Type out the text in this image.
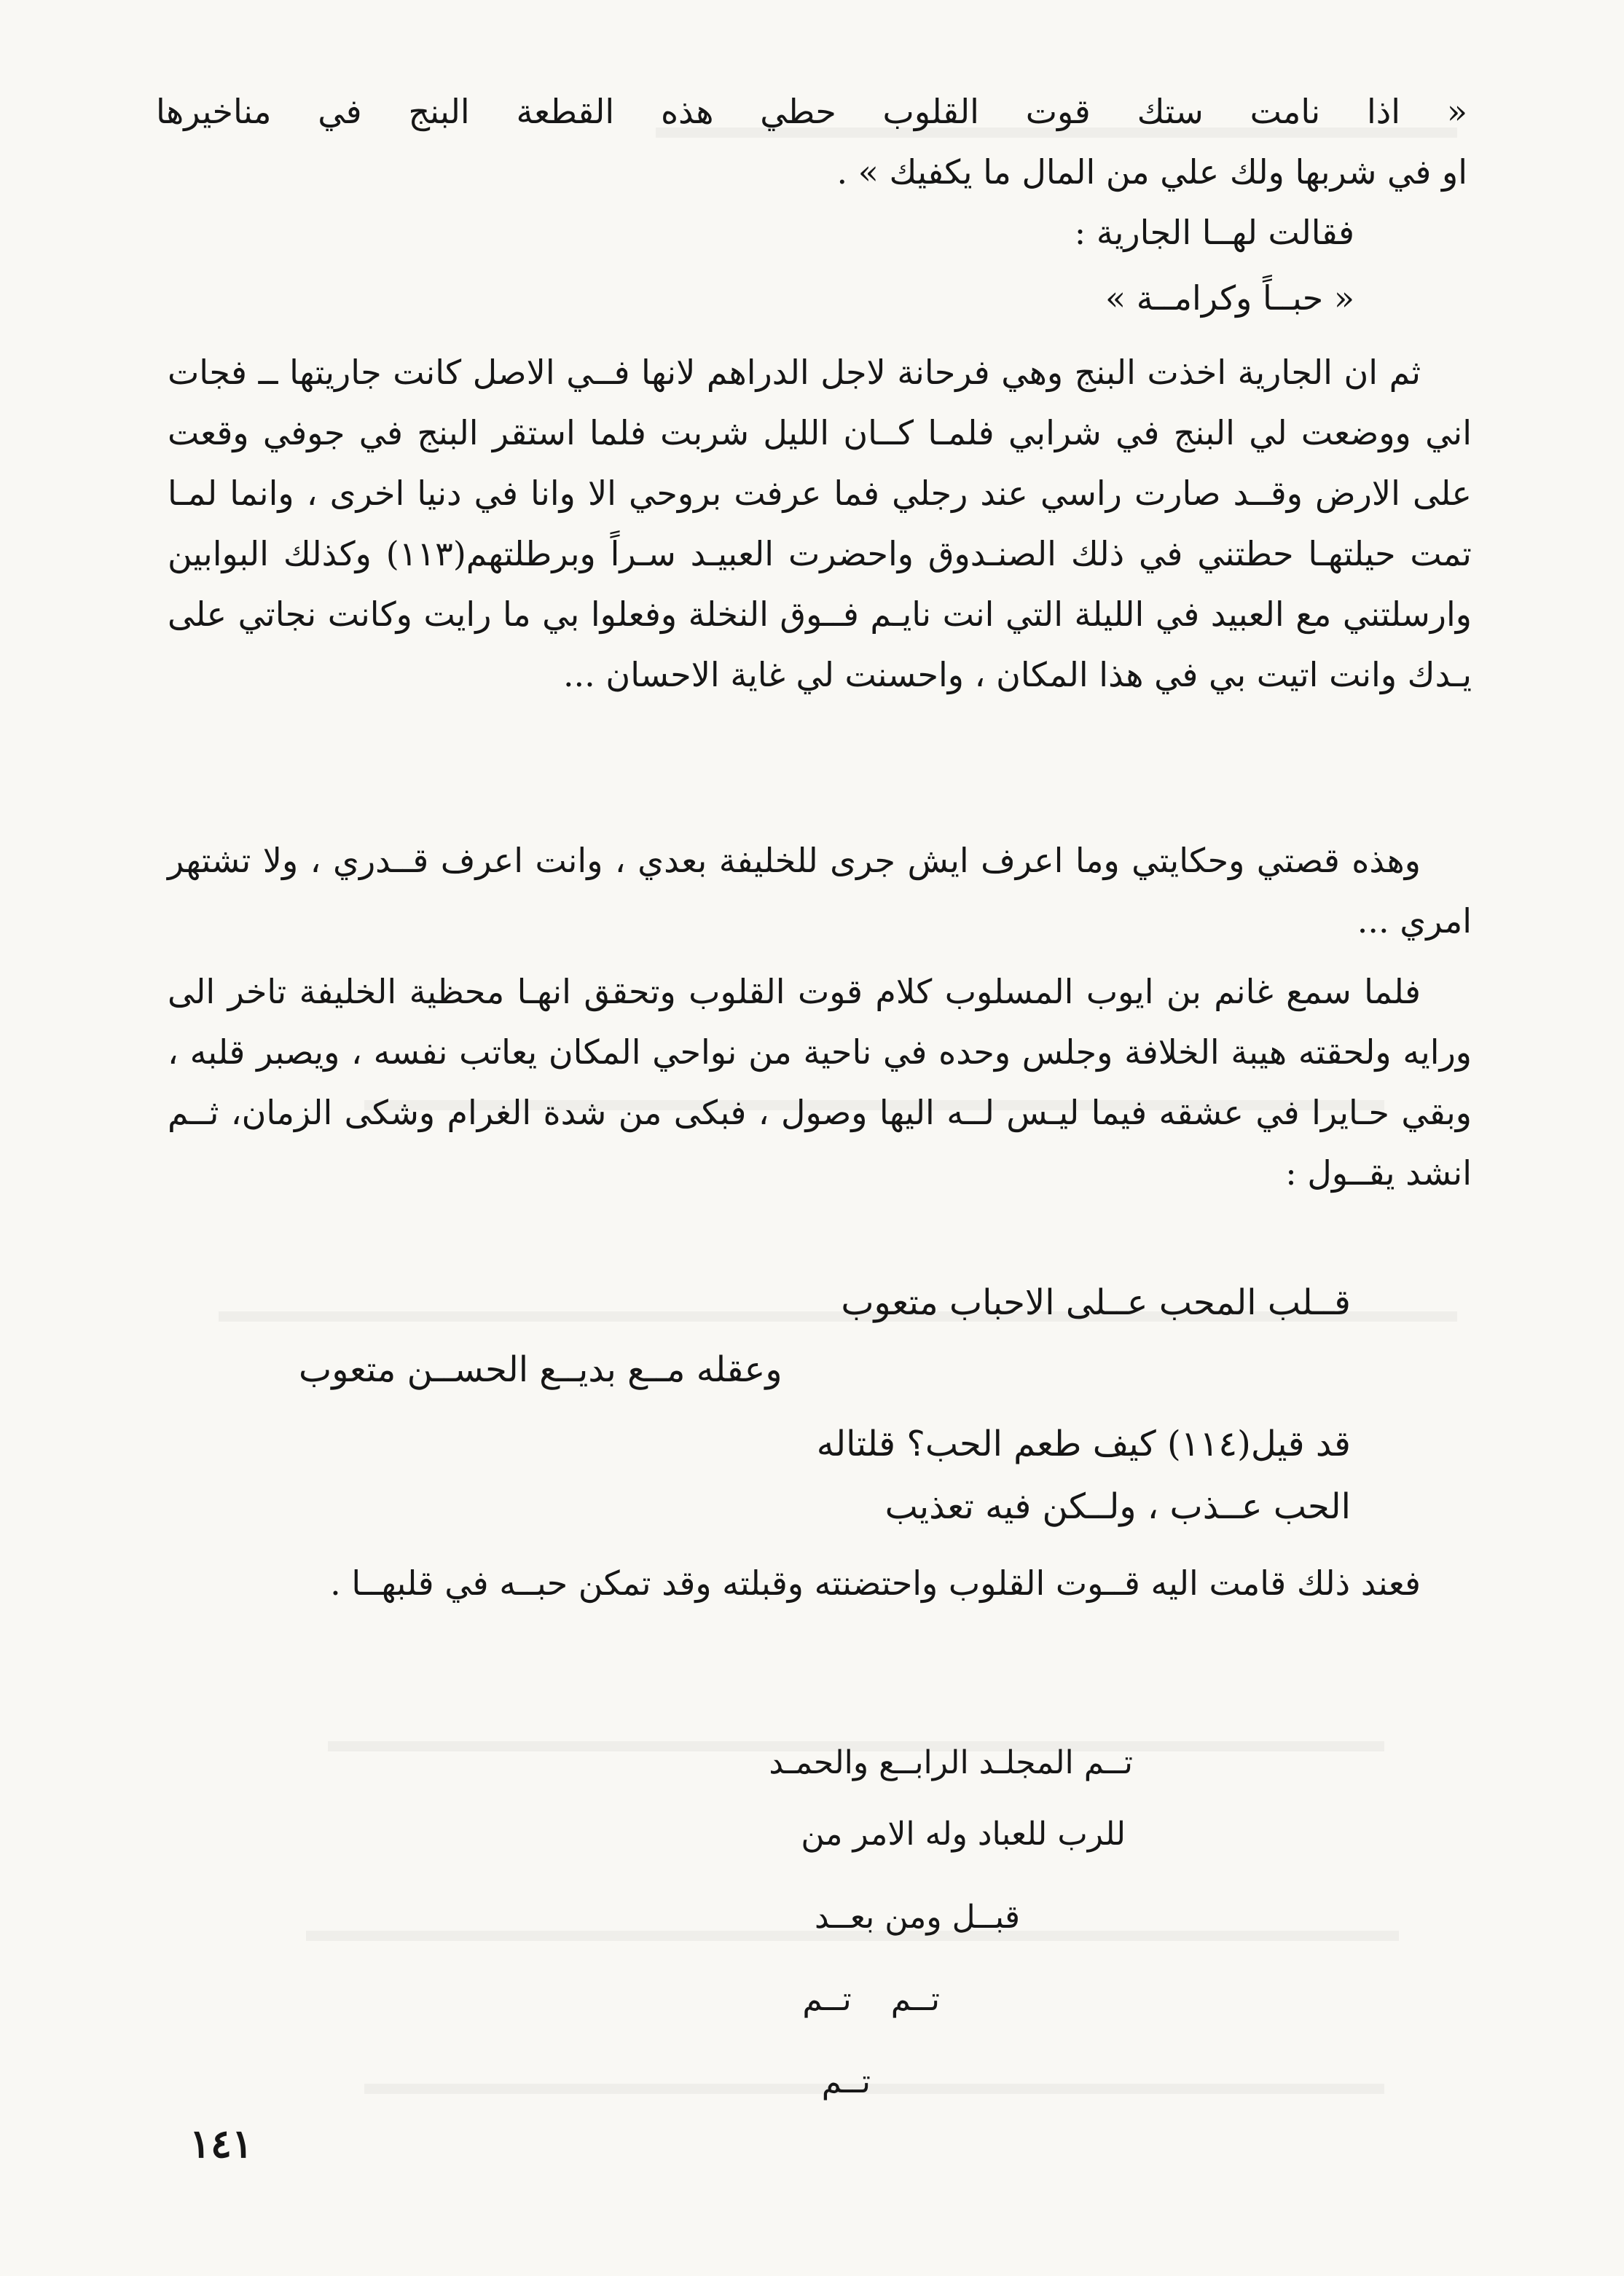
« اذا نامت ستك قوت القلوب حطي هذه القطعة البنج في مناخيرها

او في شربها ولك علي من المال ما يكفيك » .

فقالت لهــا الجارية :

« حبــاً وكرامــة »

ثم ان الجارية اخذت البنج وهي فرحانة لاجل الدراهم لانها فــي الاصل كانت جاريتها ــ فجات اني ووضعت لي البنج في شرابي فلمـا كــان الليل شربت فلما استقر البنج في جوفي وقعت على الارض وقــد صارت راسي عند رجلي فما عرفت بروحي الا وانا في دنيا اخرى ، وانما لمـا تمت حيلتهـا حطتني في ذلك الصنـدوق واحضرت العبيـد سـراً وبرطلتهم(١١٣) وكذلك البوابين وارسلتني مع العبيد في الليلة التي انت نايـم فــوق النخلة وفعلوا بي ما رايت وكانت نجاتي على يـدك وانت اتيت بي في هذا المكان ، واحسنت لي غاية الاحسان ...

وهذه قصتي وحكايتي وما اعرف ايش جرى للخليفة بعدي ، وانت اعرف قــدري ، ولا تشتهر امري ...

فلما سمع غانم بن ايوب المسلوب كلام قوت القلوب وتحقق انهـا محظية الخليفة تاخر الى ورايه ولحقته هيبة الخلافة وجلس وحده في ناحية من نواحي المكان يعاتب نفسه ، ويصبر قلبه ، وبقي حـايرا في عشقه فيما ليـس لــه اليها وصول ، فبكى من شدة الغرام وشكى الزمان، ثــم انشد يقــول :

قــلب المحب عــلى الاحباب متعوب
وعقله مــع بديــع الحســن متعوب
قد قيل(١١٤) كيف طعم الحب؟ قلتاله
الحب عــذب ، ولــكن فيه تعذيب

فعند ذلك قامت اليه قــوت القلوب واحتضنته وقبلته وقد تمكن حبــه في قلبهــا .

تــم المجلـد الرابــع والحمـد
للرب للعباد وله الامر من
قبــل ومن بعــد
تــم تــم
تــم
١٤١
